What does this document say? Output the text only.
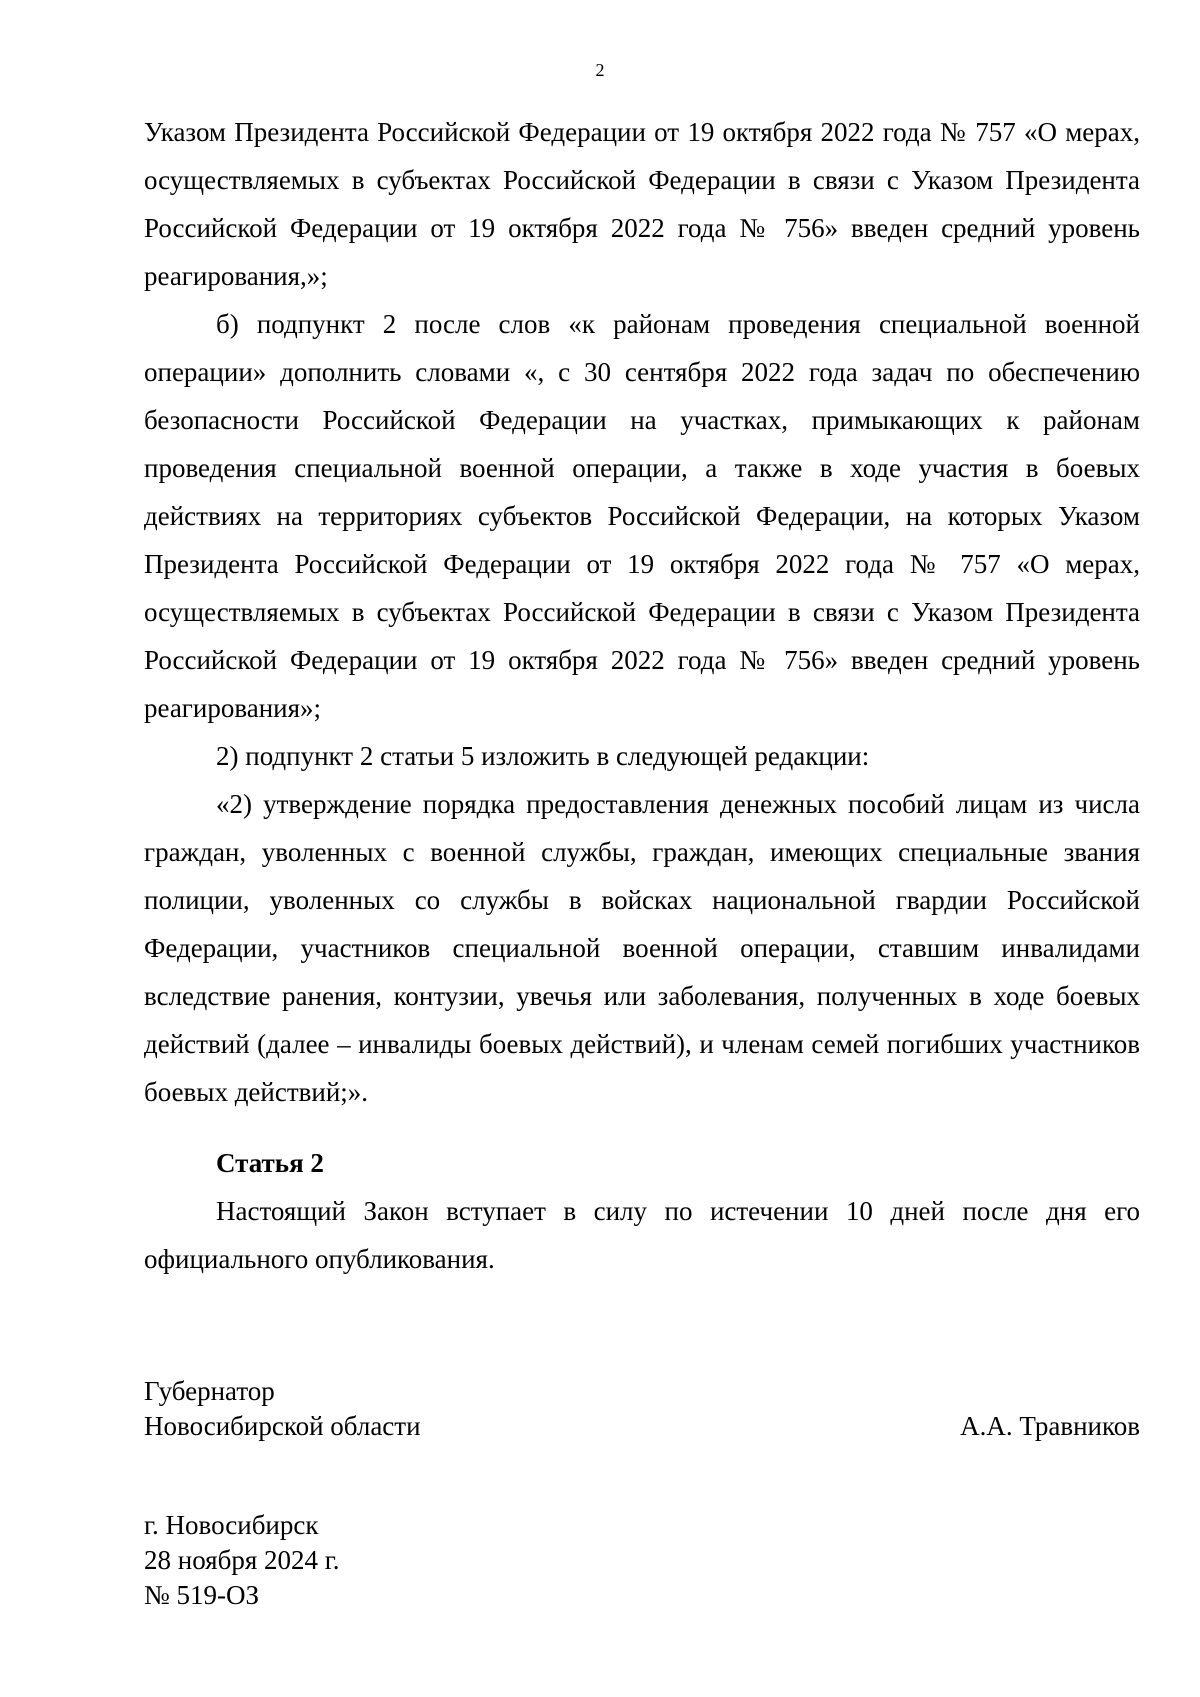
2

Указом Президента Российской Федерации от 19 октября 2022 года № 757 «О мерах, осуществляемых в субъектах Российской Федерации в связи с Указом Президента Российской Федерации от 19 октября 2022 года № 756» введен средний уровень реагирования,»;

б) подпункт 2 после слов «к районам проведения специальной военной операции» дополнить словами «, с 30 сентября 2022 года задач по обеспечению безопасности Российской Федерации на участках, примыкающих к районам проведения специальной военной операции, а также в ходе участия в боевых действиях на территориях субъектов Российской Федерации, на которых Указом Президента Российской Федерации от 19 октября 2022 года № 757 «О мерах, осуществляемых в субъектах Российской Федерации в связи с Указом Президента Российской Федерации от 19 октября 2022 года № 756» введен средний уровень реагирования»;

2) подпункт 2 статьи 5 изложить в следующей редакции:

«2) утверждение порядка предоставления денежных пособий лицам из числа граждан, уволенных с военной службы, граждан, имеющих специальные звания полиции, уволенных со службы в войсках национальной гвардии Российской Федерации, участников специальной военной операции, ставшим инвалидами вследствие ранения, контузии, увечья или заболевания, полученных в ходе боевых действий (далее – инвалиды боевых действий), и членам семей погибших участников боевых действий;».

Статья 2

Настоящий Закон вступает в силу по истечении 10 дней после дня его официального опубликования.

Губернатор
Новосибирской области	А.А. Травников
г. Новосибирск
28 ноября 2024 г.
№ 519-ОЗ
